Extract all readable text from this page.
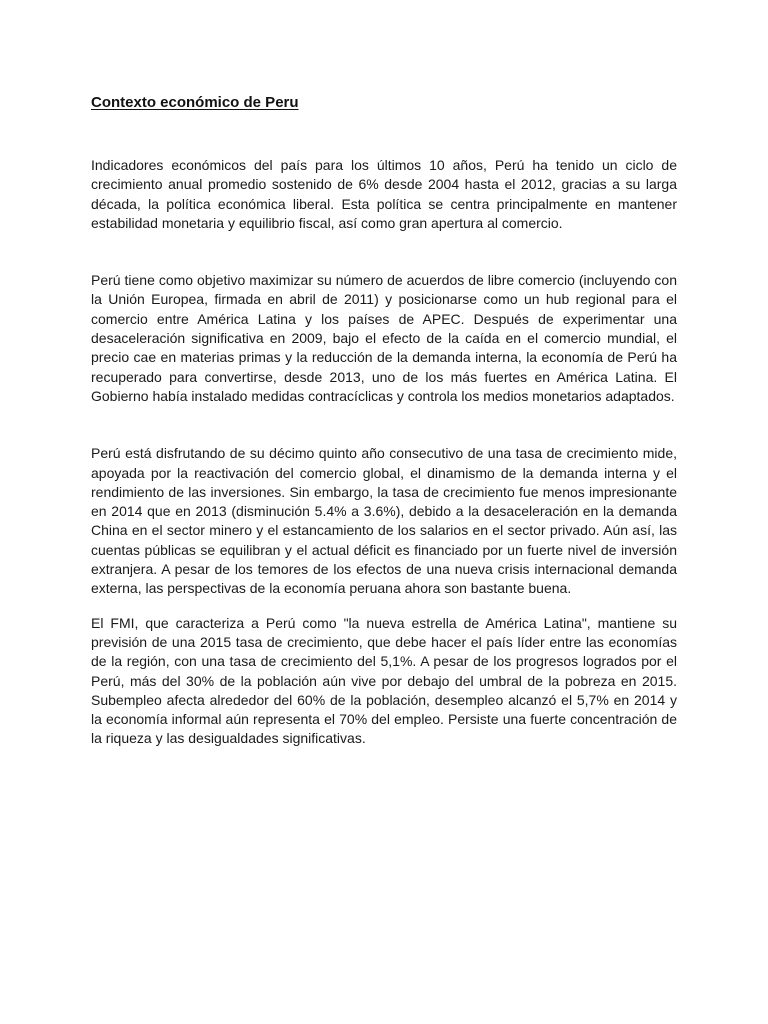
Contexto económico de Peru

Indicadores económicos del país para los últimos 10 años, Perú ha tenido un ciclo de crecimiento anual promedio sostenido de 6% desde 2004 hasta el 2012, gracias a su larga década, la política económica liberal. Esta política se centra principalmente en mantener estabilidad monetaria y equilibrio fiscal, así como gran apertura al comercio.

Perú tiene como objetivo maximizar su número de acuerdos de libre comercio (incluyendo con la Unión Europea, firmada en abril de 2011) y posicionarse como un hub regional para el comercio entre América Latina y los países de APEC. Después de experimentar una desaceleración significativa en 2009, bajo el efecto de la caída en el comercio mundial, el precio cae en materias primas y la reducción de la demanda interna, la economía de Perú ha recuperado para convertirse, desde 2013, uno de los más fuertes en América Latina. El Gobierno había instalado medidas contracíclicas y controla los medios monetarios adaptados.

Perú está disfrutando de su décimo quinto año consecutivo de una tasa de crecimiento mide, apoyada por la reactivación del comercio global, el dinamismo de la demanda interna y el rendimiento de las inversiones. Sin embargo, la tasa de crecimiento fue menos impresionante en 2014 que en 2013 (disminución 5.4% a 3.6%), debido a la desaceleración en la demanda China en el sector minero y el estancamiento de los salarios en el sector privado. Aún así, las cuentas públicas se equilibran y el actual déficit es financiado por un fuerte nivel de inversión extranjera. A pesar de los temores de los efectos de una nueva crisis internacional demanda externa, las perspectivas de la economía peruana ahora son bastante buena.

El FMI, que caracteriza a Perú como "la nueva estrella de América Latina", mantiene su previsión de una 2015 tasa de crecimiento, que debe hacer el país líder entre las economías de la región, con una tasa de crecimiento del 5,1%. A pesar de los progresos logrados por el Perú, más del 30% de la población aún vive por debajo del umbral de la pobreza en 2015. Subempleo afecta alrededor del 60% de la población, desempleo alcanzó el 5,7% en 2014 y la economía informal aún representa el 70% del empleo. Persiste una fuerte concentración de la riqueza y las desigualdades significativas.
